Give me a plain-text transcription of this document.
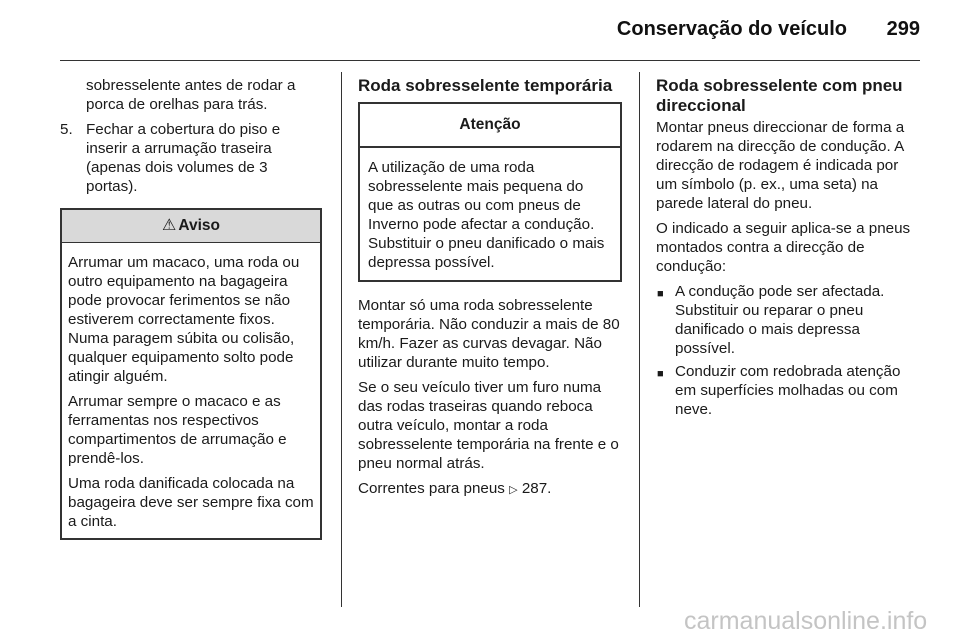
Conservação do veículo 299

sobresselente antes de rodar a porca de orelhas para trás.

5. Fechar a cobertura do piso e inserir a arrumação traseira (apenas dois volumes de 3 portas).
⚠ Aviso

Arrumar um macaco, uma roda ou outro equipamento na bagageira pode provocar ferimentos se não estiverem correctamente fixos. Numa paragem súbita ou colisão, qualquer equipamento solto pode atingir alguém.

Arrumar sempre o macaco e as ferramentas nos respectivos compartimentos de arrumação e prendê-los.

Uma roda danificada colocada na bagageira deve ser sempre fixa com a cinta.

Roda sobresselente temporária
Atenção

A utilização de uma roda sobresselente mais pequena do que as outras ou com pneus de Inverno pode afectar a condução. Substituir o pneu danificado o mais depressa possível.

Montar só uma roda sobresselente temporária. Não conduzir a mais de 80 km/h. Fazer as curvas devagar. Não utilizar durante muito tempo.

Se o seu veículo tiver um furo numa das rodas traseiras quando reboca outra veículo, montar a roda sobresselente temporária na frente e o pneu normal atrás.

Correntes para pneus ▷ 287.

Roda sobresselente com pneu direccional

Montar pneus direccionar de forma a rodarem na direcção de condução. A direcção de rodagem é indicada por um símbolo (p. ex., uma seta) na parede lateral do pneu.

O indicado a seguir aplica-se a pneus montados contra a direcção de condução:

■ A condução pode ser afectada. Substituir ou reparar o pneu danificado o mais depressa possível.
■ Conduzir com redobrada atenção em superfícies molhadas ou com neve.
carmanualsonline.info
